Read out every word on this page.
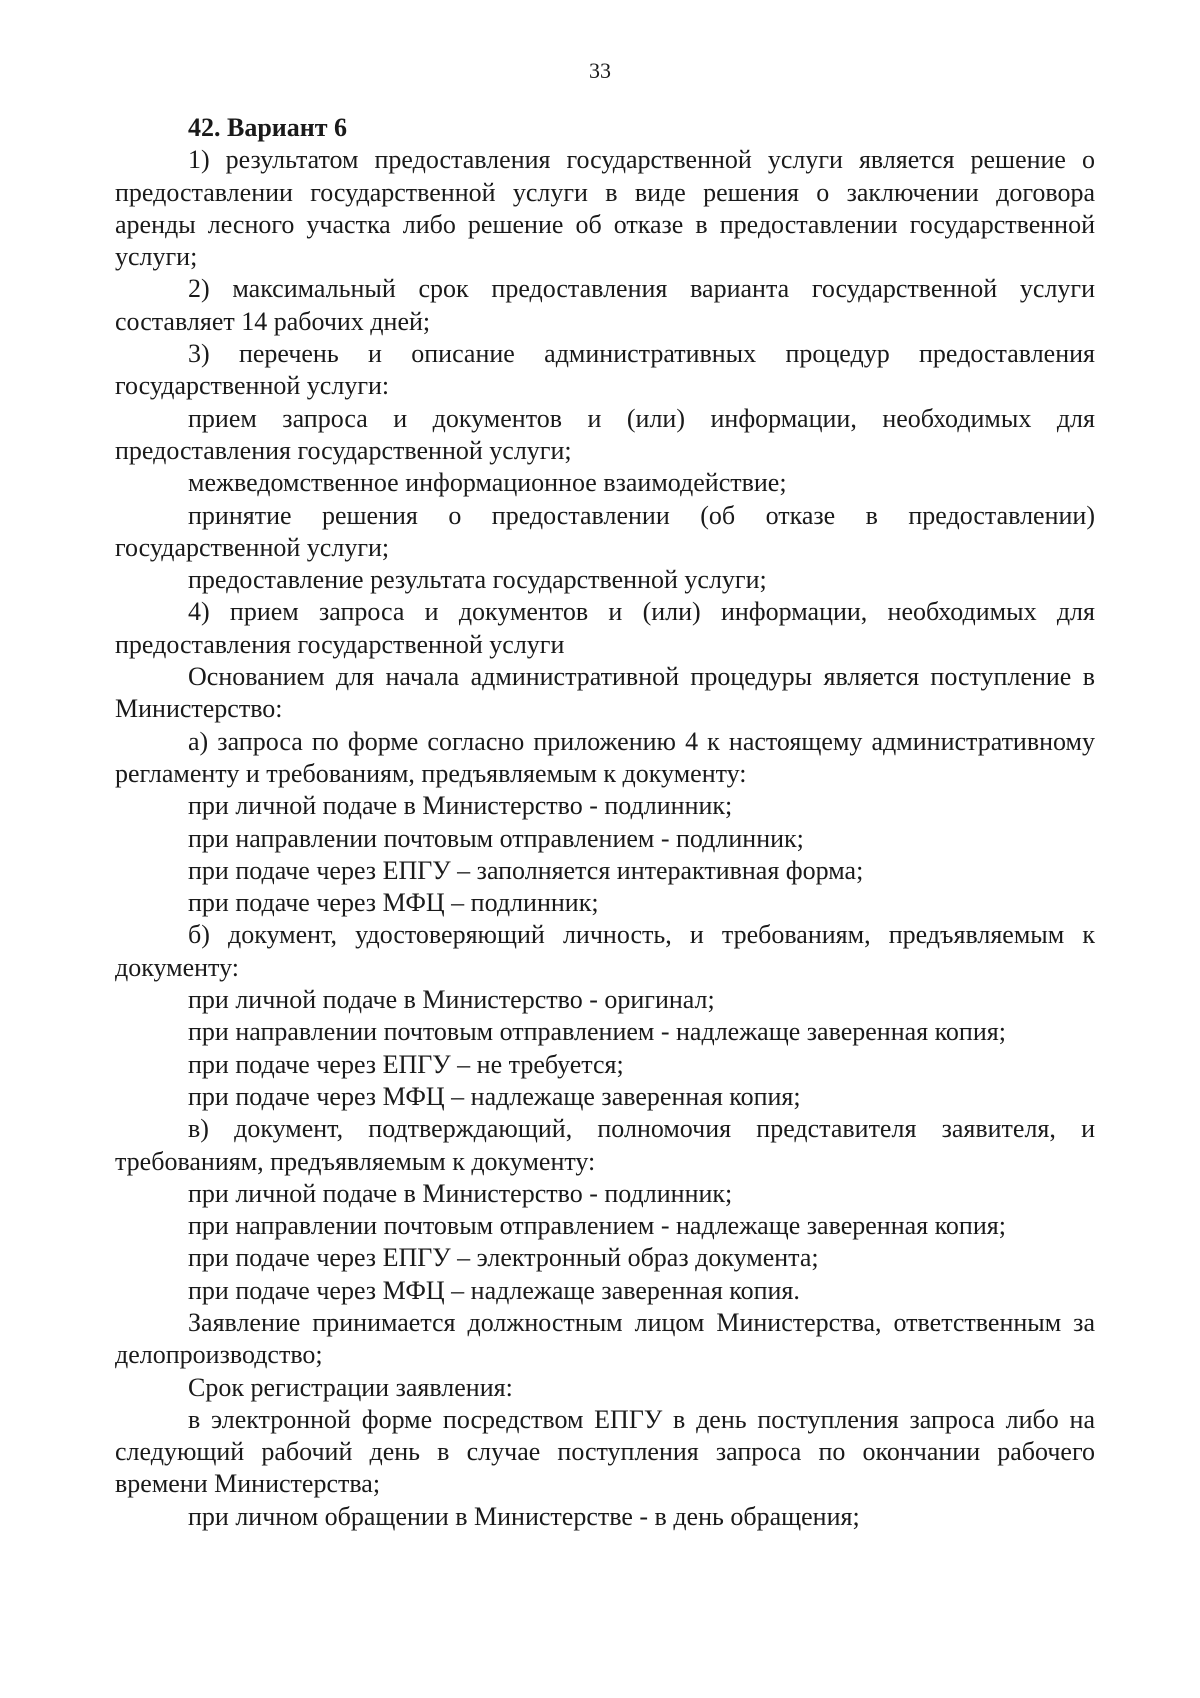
33

42. Вариант 6

1) результатом предоставления государственной услуги является решение о предоставлении государственной услуги в виде решения о заключении договора аренды лесного участка либо решение об отказе в предоставлении государственной услуги;

2) максимальный срок предоставления варианта государственной услуги составляет 14 рабочих дней;

3) перечень и описание административных процедур предоставления государственной услуги:

прием запроса и документов и (или) информации, необходимых для предоставления государственной услуги;

межведомственное информационное взаимодействие;

принятие решения о предоставлении (об отказе в предоставлении) государственной услуги;

предоставление результата государственной услуги;

4) прием запроса и документов и (или) информации, необходимых для предоставления государственной услуги

Основанием для начала административной процедуры является поступление в Министерство:

а) запроса по форме согласно приложению 4 к настоящему административному регламенту и требованиям, предъявляемым к документу:

при личной подаче в Министерство - подлинник;

при направлении почтовым отправлением - подлинник;

при подаче через ЕПГУ – заполняется интерактивная форма;

при подаче через МФЦ – подлинник;

б) документ, удостоверяющий личность, и требованиям, предъявляемым к документу:

при личной подаче в Министерство - оригинал;

при направлении почтовым отправлением - надлежаще заверенная копия;

при подаче через ЕПГУ – не требуется;

при подаче через МФЦ – надлежаще заверенная копия;

в) документ, подтверждающий, полномочия представителя заявителя, и требованиям, предъявляемым к документу:

при личной подаче в Министерство - подлинник;

при направлении почтовым отправлением - надлежаще заверенная копия;

при подаче через ЕПГУ – электронный образ документа;

при подаче через МФЦ – надлежаще заверенная копия.

Заявление принимается должностным лицом Министерства, ответственным за делопроизводство;

Срок регистрации заявления:

в электронной форме посредством ЕПГУ в день поступления запроса либо на следующий рабочий день в случае поступления запроса по окончании рабочего времени Министерства;

при личном обращении в Министерстве - в день обращения;
